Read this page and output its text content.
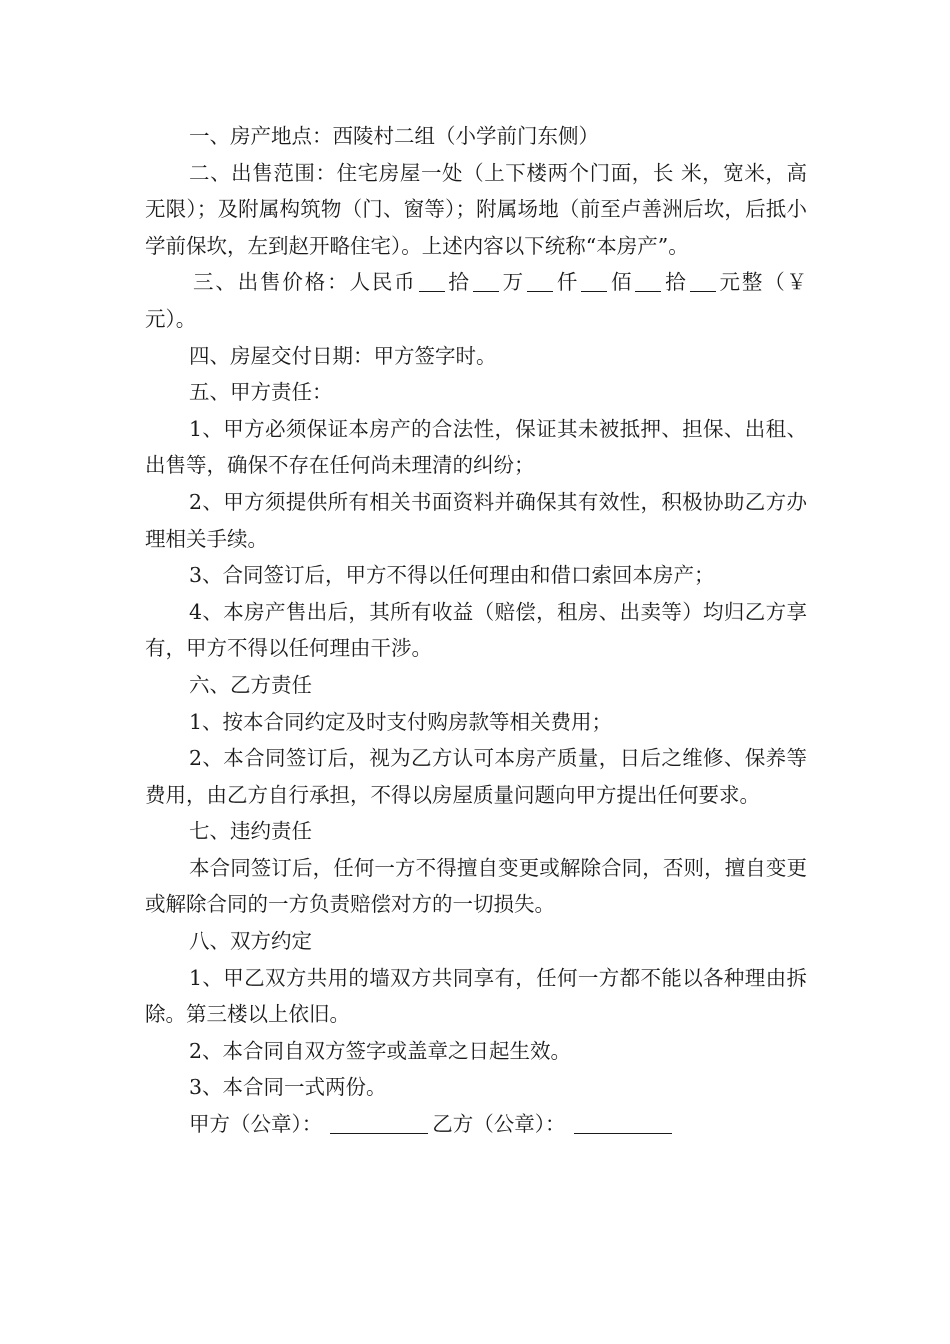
一、房产地点：西陵村二组（小学前门东侧）

二、出售范围：住宅房屋一处（上下楼两个门面，长 米，宽米，高无限）；及附属构筑物（门、窗等）；附属场地（前至卢善洲后坎，后抵小学前保坎，左到赵开略住宅）。上述内容以下统称“本房产”。

三、出售价格：人民币 拾 万 仟 佰 拾 元整（￥ 元）。

四、房屋交付日期：甲方签字时。

五、甲方责任：

1、甲方必须保证本房产的合法性，保证其未被抵押、担保、出租、出售等，确保不存在任何尚未理清的纠纷；

2、甲方须提供所有相关书面资料并确保其有效性，积极协助乙方办理相关手续。

3、合同签订后，甲方不得以任何理由和借口索回本房产；

4、本房产售出后，其所有收益（赔偿，租房、出卖等）均归乙方享有，甲方不得以任何理由干涉。

六、乙方责任

1、按本合同约定及时支付购房款等相关费用；

2、本合同签订后，视为乙方认可本房产质量，日后之维修、保养等费用，由乙方自行承担，不得以房屋质量问题向甲方提出任何要求。

七、违约责任

本合同签订后，任何一方不得擅自变更或解除合同，否则，擅自变更或解除合同的一方负责赔偿对方的一切损失。

八、双方约定

1、甲乙双方共用的墙双方共同享有，任何一方都不能以各种理由拆除。第三楼以上依旧。

2、本合同自双方签字或盖章之日起生效。

3、本合同一式两份。

甲方（公章）：	乙方（公章）：
